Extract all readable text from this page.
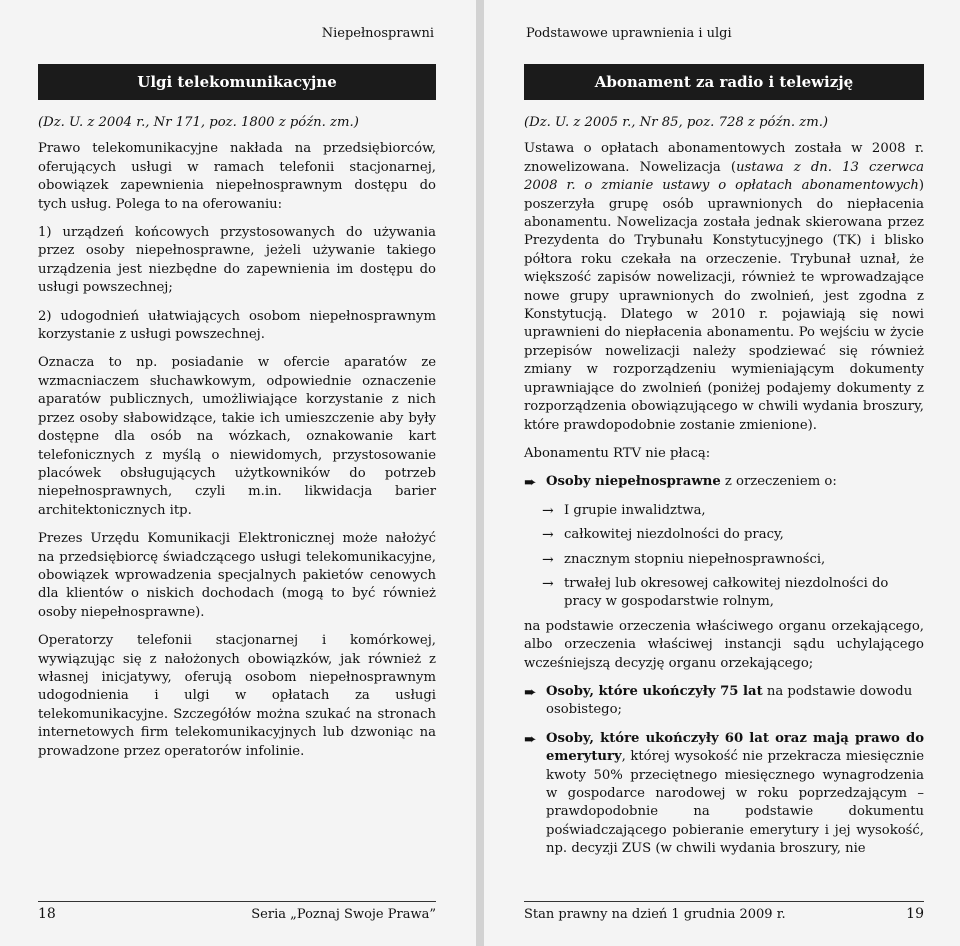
Niepełnosprawni
Ulgi telekomunikacyjne

(Dz. U. z 2004 r., Nr 171, poz. 1800 z późn. zm.)

Prawo telekomunikacyjne nakłada na przedsiębiorców, oferujących usługi w ramach telefonii stacjonarnej, obowiązek zapewnienia niepełnosprawnym dostępu do tych usług. Polega to na oferowaniu:

1) urządzeń końcowych przystosowanych do używania przez osoby niepełnosprawne, jeżeli używanie takiego urządzenia jest niezbędne do zapewnienia im dostępu do usługi powszechnej;

2) udogodnień ułatwiających osobom niepełnosprawnym korzystanie z usługi powszechnej.

Oznacza to np. posiadanie w ofercie aparatów ze wzmacniaczem słuchawkowym, odpowiednie oznaczenie aparatów publicznych, umożliwiające korzystanie z nich przez osoby słabowidzące, takie ich umieszczenie aby były dostępne dla osób na wózkach, oznakowanie kart telefonicznych z myślą o niewidomych, przystosowanie placówek obsługujących użytkowników do potrzeb niepełnosprawnych, czyli m.in. likwidacja barier architektonicznych itp.

Prezes Urzędu Komunikacji Elektronicznej może nałożyć na przedsiębiorcę świadczącego usługi telekomunikacyjne, obowiązek wprowadzenia specjalnych pakietów cenowych dla klientów o niskich dochodach (mogą to być również osoby niepełnosprawne).

Operatorzy telefonii stacjonarnej i komórkowej, wywiązując się z nałożonych obowiązków, jak również z własnej inicjatywy, oferują osobom niepełnosprawnym udogodnienia i ulgi w opłatach za usługi telekomunikacyjne. Szczegółów można szukać na stronach internetowych firm telekomunikacyjnych lub dzwoniąc na prowadzone przez operatorów infolinie.

18	Seria „Poznaj Swoje Prawa”
Podstawowe uprawnienia i ulgi
Abonament za radio i telewizję

(Dz. U. z 2005 r., Nr 85, poz. 728 z późn. zm.)

Ustawa o opłatach abonamentowych została w 2008 r. znowelizowana. Nowelizacja (ustawa z dn. 13 czerwca 2008 r. o zmianie ustawy o opłatach abonamentowych) poszerzyła grupę osób uprawnionych do niepłacenia abonamentu. Nowelizacja została jednak skierowana przez Prezydenta do Trybunału Konstytucyjnego (TK) i blisko półtora roku czekała na orzeczenie. Trybunał uznał, że większość zapisów nowelizacji, również te wprowadzające nowe grupy uprawnionych do zwolnień, jest zgodna z Konstytucją. Dlatego w 2010 r. pojawiają się nowi uprawnieni do niepłacenia abonamentu. Po wejściu w życie przepisów nowelizacji należy spodziewać się również zmiany w rozporządzeniu wymieniającym dokumenty uprawniające do zwolnień (poniżej podajemy dokumenty z rozporządzenia obowiązującego w chwili wydania broszury, które prawdopodobnie zostanie zmienione).

Abonamentu RTV nie płacą:

➨ Osoby niepełnosprawne z orzeczeniem o:
→ I grupie inwalidztwa,
→ całkowitej niezdolności do pracy,
→ znacznym stopniu niepełnosprawności,
→ trwałej lub okresowej całkowitej niezdolności do pracy w gospodarstwie rolnym,

na podstawie orzeczenia właściwego organu orzekającego, albo orzeczenia właściwej instancji sądu uchylającego wcześniejszą decyzję organu orzekającego;

➨ Osoby, które ukończyły 75 lat na podstawie dowodu osobistego;
➨ Osoby, które ukończyły 60 lat oraz mają prawo do emerytury, której wysokość nie przekracza miesięcznie kwoty 50% przeciętnego miesięcznego wynagrodzenia w gospodarce narodowej w roku poprzedzającym – prawdopodobnie na podstawie dokumentu poświadczającego pobieranie emerytury i jej wysokość, np. decyzji ZUS (w chwili wydania broszury, nie
Stan prawny na dzień 1 grudnia 2009 r.	19
